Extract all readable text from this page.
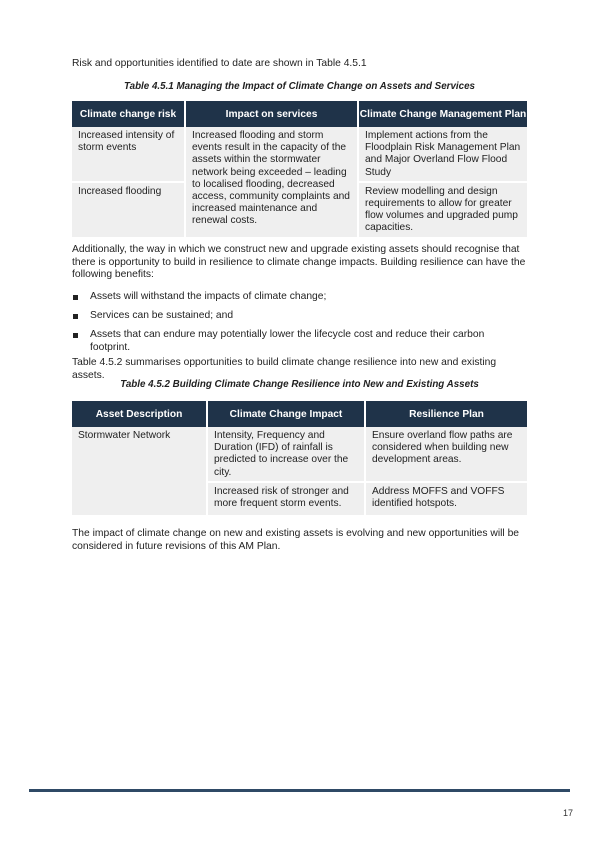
Risk and opportunities identified to date are shown in Table 4.5.1

Table 4.5.1 Managing the Impact of Climate Change on Assets and Services
Climate change risk	Impact on services	Climate Change Management Plan
Increased intensity of storm events	Increased flooding and storm events result in the capacity of the assets within the stormwater network being exceeded – leading to localised flooding, decreased access, community complaints and increased maintenance and renewal costs.	Implement actions from the Floodplain Risk Management Plan and Major Overland Flow Flood Study
Increased flooding		Review modelling and design requirements to allow for greater flow volumes and upgraded pump capacities.

Additionally, the way in which we construct new and upgrade existing assets should recognise that there is opportunity to build in resilience to climate change impacts. Building resilience can have the following benefits:

Assets will withstand the impacts of climate change;
Services can be sustained; and
Assets that can endure may potentially lower the lifecycle cost and reduce their carbon footprint.

Table 4.5.2 summarises opportunities to build climate change resilience into new and existing assets.

Table 4.5.2 Building Climate Change Resilience into New and Existing Assets
Asset Description	Climate Change Impact	Resilience Plan
Stormwater Network	Intensity, Frequency and Duration (IFD) of rainfall is predicted to increase over the city.	Ensure overland flow paths are considered when building new development areas.
	Increased risk of stronger and more frequent storm events.	Address MOFFS and VOFFS identified hotspots.

The impact of climate change on new and existing assets is evolving and new opportunities will be considered in future revisions of this AM Plan.

17
